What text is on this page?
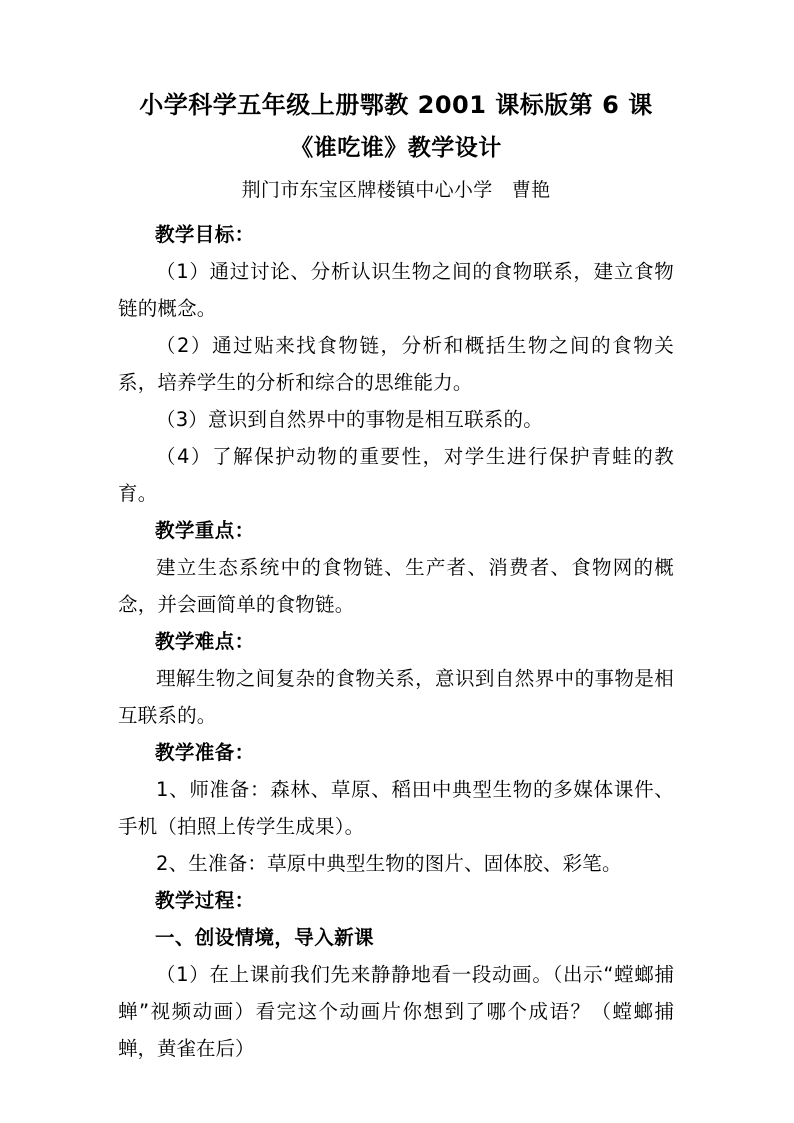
小学科学五年级上册鄂教 2001 课标版第 6 课
《谁吃谁》教学设计

荆门市东宝区牌楼镇中心小学　曹艳

教学目标：

（1）通过讨论、分析认识生物之间的食物联系，建立食物链的概念。

（2）通过贴来找食物链，分析和概括生物之间的食物关系，培养学生的分析和综合的思维能力。

（3）意识到自然界中的事物是相互联系的。

（4）了解保护动物的重要性，对学生进行保护青蛙的教育。

教学重点：

建立生态系统中的食物链、生产者、消费者、食物网的概念，并会画简单的食物链。

教学难点：

理解生物之间复杂的食物关系，意识到自然界中的事物是相互联系的。

教学准备：

1、师准备：森林、草原、稻田中典型生物的多媒体课件、手机（拍照上传学生成果）。

2、生准备：草原中典型生物的图片、固体胶、彩笔。

教学过程：
一、创设情境，导入新课

（1）在上课前我们先来静静地看一段动画。（出示“螳螂捕蝉”视频动画）看完这个动画片你想到了哪个成语？（螳螂捕蝉，黄雀在后）
